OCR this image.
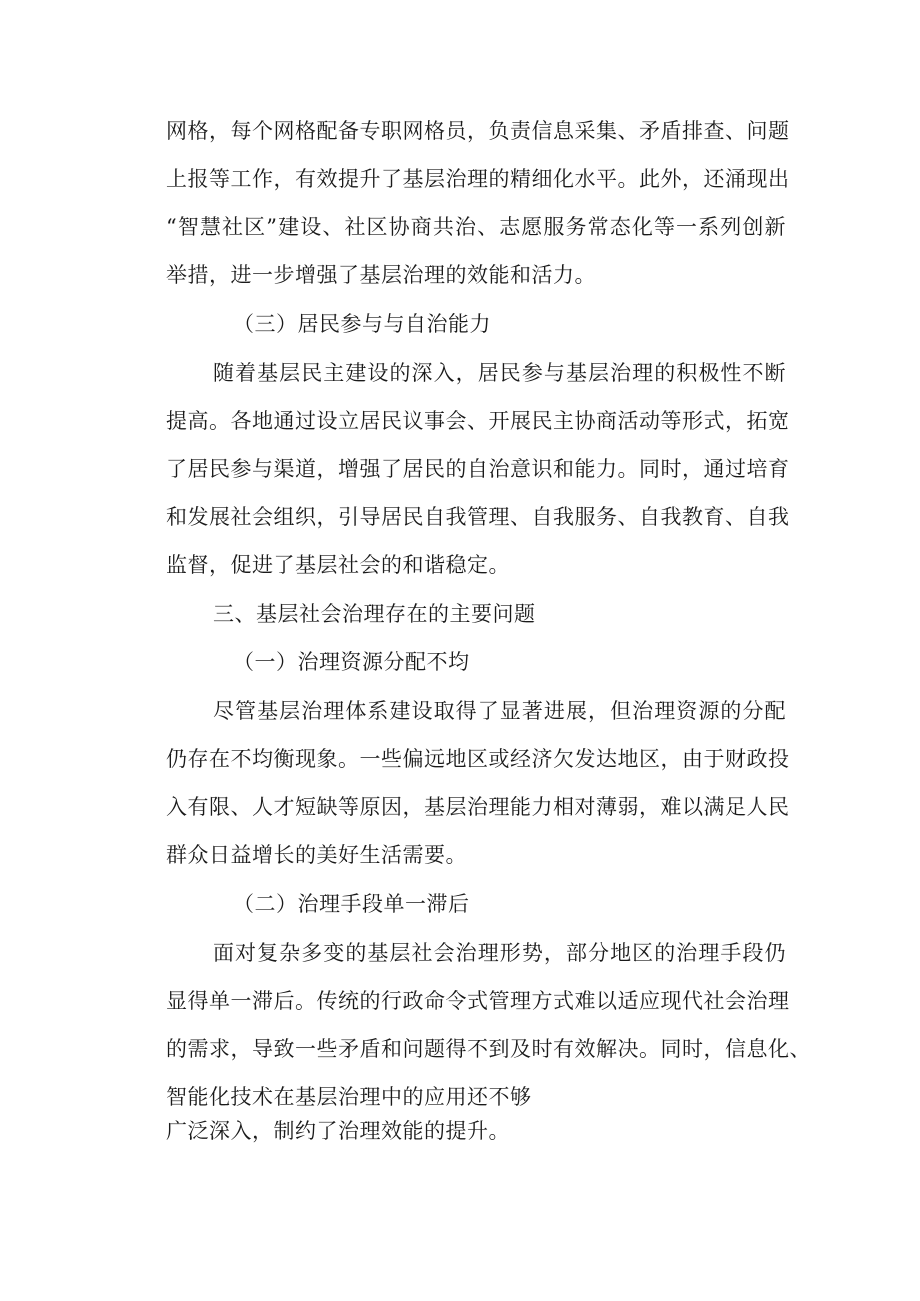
网格，每个网格配备专职网格员，负责信息采集、矛盾排查、问题
上报等工作，有效提升了基层治理的精细化水平。此外，还涌现出
“智慧社区”建设、社区协商共治、志愿服务常态化等一系列创新
举措，进一步增强了基层治理的效能和活力。
（三）居民参与与自治能力
随着基层民主建设的深入，居民参与基层治理的积极性不断
提高。各地通过设立居民议事会、开展民主协商活动等形式，拓宽
了居民参与渠道，增强了居民的自治意识和能力。同时，通过培育
和发展社会组织，引导居民自我管理、自我服务、自我教育、自我
监督，促进了基层社会的和谐稳定。
三、基层社会治理存在的主要问题
（一）治理资源分配不均
尽管基层治理体系建设取得了显著进展，但治理资源的分配
仍存在不均衡现象。一些偏远地区或经济欠发达地区，由于财政投
入有限、人才短缺等原因，基层治理能力相对薄弱，难以满足人民
群众日益增长的美好生活需要。
（二）治理手段单一滞后
面对复杂多变的基层社会治理形势，部分地区的治理手段仍
显得单一滞后。传统的行政命令式管理方式难以适应现代社会治理
的需求，导致一些矛盾和问题得不到及时有效解决。同时，信息化、
智能化技术在基层治理中的应用还不够
广泛深入，制约了治理效能的提升。
